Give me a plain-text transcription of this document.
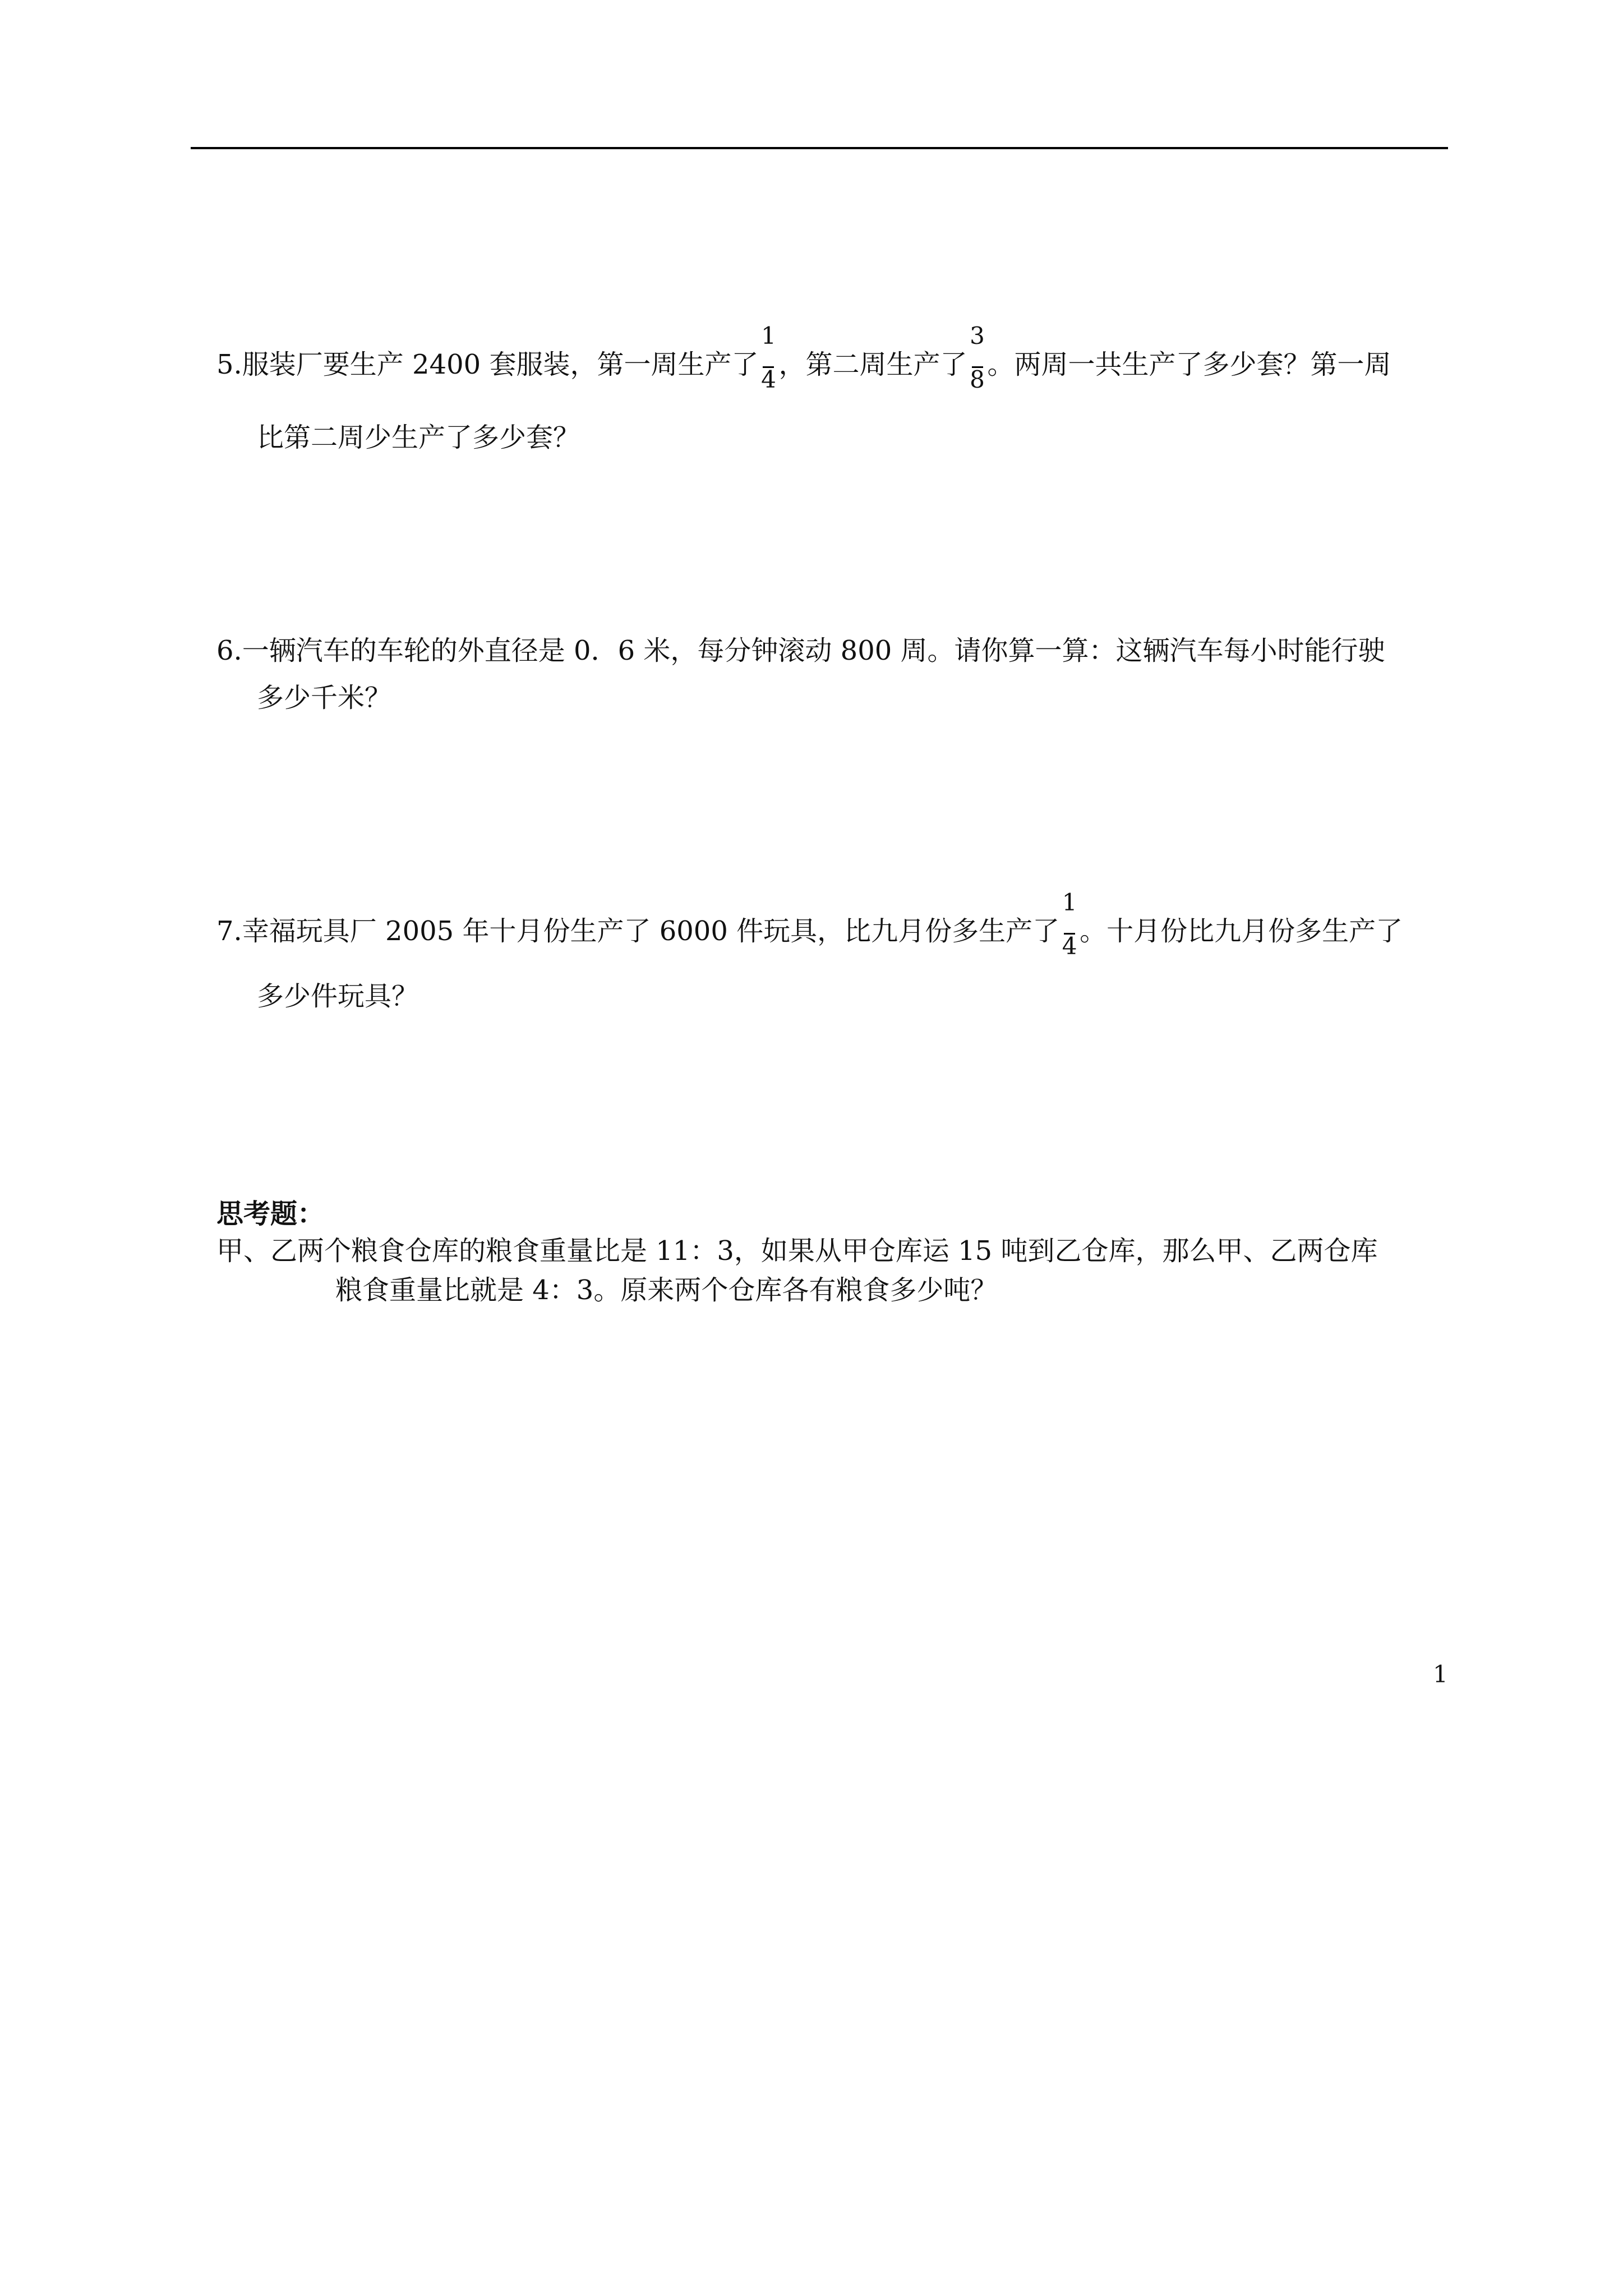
5.服装厂要生产 2400 套服装，第一周生产了 $\frac{1}{4}$ ，第二周生产了 $\frac{3}{8}$ 。两周一共生产了多少套？第一周
比第二周少生产了多少套？
6.一辆汽车的车轮的外直径是 0．6 米，每分钟滚动 800 周。请你算一算：这辆汽车每小时能行驶
多少千米？
7.幸福玩具厂 2005 年十月份生产了 6000 件玩具，比九月份多生产了 $\frac{1}{4}$ 。十月份比九月份多生产了
多少件玩具？
思考题：
甲、乙两个粮食仓库的粮食重量比是 11：3，如果从甲仓库运 15 吨到乙仓库，那么甲、乙两仓库
粮食重量比就是 4：3。原来两个仓库各有粮食多少吨？
1
